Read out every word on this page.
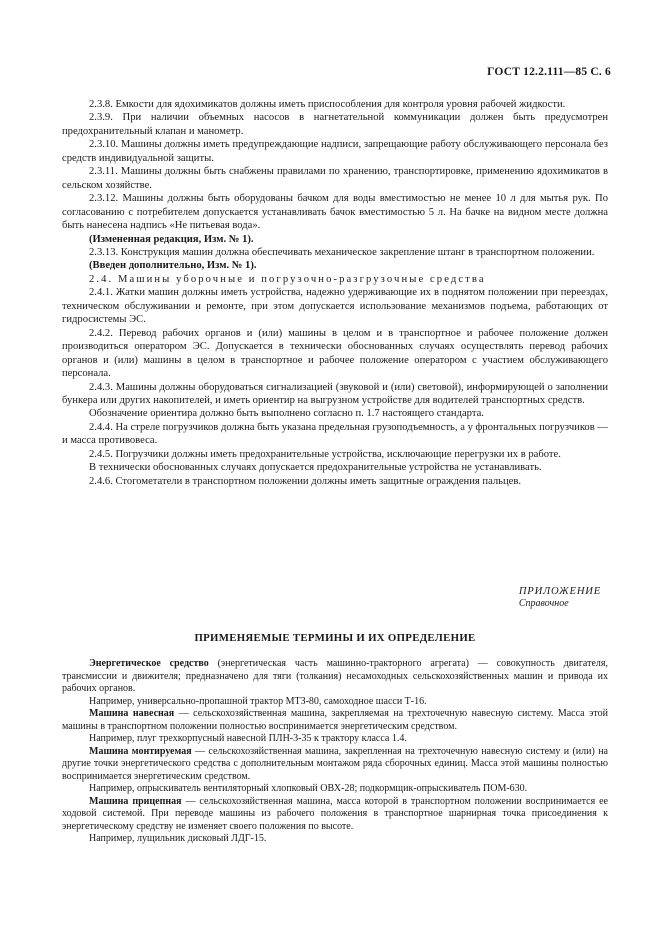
ГОСТ 12.2.111—85 С. 6

2.3.8. Емкости для ядохимикатов должны иметь приспособления для контроля уровня рабочей жидкости.

2.3.9. При наличии объемных насосов в нагнетательной коммуникации должен быть предусмотрен предохранительный клапан и манометр.

2.3.10. Машины должны иметь предупреждающие надписи, запрещающие работу обслуживающего персонала без средств индивидуальной защиты.

2.3.11. Машины должны быть снабжены правилами по хранению, транспортировке, применению ядохимикатов в сельском хозяйстве.

2.3.12. Машины должны быть оборудованы бачком для воды вместимостью не менее 10 л для мытья рук. По согласованию с потребителем допускается устанавливать бачок вместимостью 5 л. На бачке на видном месте должна быть нанесена надпись «Не питьевая вода».

(Измененная редакция, Изм. № 1).

2.3.13. Конструкция машин должна обеспечивать механическое закрепление штанг в транспортном положении.

(Введен дополнительно, Изм. № 1).

2.4. Машины уборочные и погрузочно-разгрузочные средства

2.4.1. Жатки машин должны иметь устройства, надежно удерживающие их в поднятом положении при переездах, техническом обслуживании и ремонте, при этом допускается использование механизмов подъема, работающих от гидросистемы ЭС.

2.4.2. Перевод рабочих органов и (или) машины в целом и в транспортное и рабочее положение должен производиться оператором ЭС. Допускается в технически обоснованных случаях осуществлять перевод рабочих органов и (или) машины в целом в транспортное и рабочее положение оператором с участием обслуживающего персонала.

2.4.3. Машины должны оборудоваться сигнализацией (звуковой и (или) световой), информирующей о заполнении бункера или других накопителей, и иметь ориентир на выгрузном устройстве для водителей транспортных средств.

Обозначение ориентира должно быть выполнено согласно п. 1.7 настоящего стандарта.

2.4.4. На стреле погрузчиков должна быть указана предельная грузоподъемность, а у фронтальных погрузчиков — и масса противовеса.

2.4.5. Погрузчики должны иметь предохранительные устройства, исключающие перегрузки их в работе.

В технически обоснованных случаях допускается предохранительные устройства не устанавливать.

2.4.6. Стогометатели в транспортном положении должны иметь защитные ограждения пальцев.

ПРИЛОЖЕНИЕ
Справочное
ПРИМЕНЯЕМЫЕ ТЕРМИНЫ И ИХ ОПРЕДЕЛЕНИЕ

Энергетическое средство (энергетическая часть машинно-тракторного агрегата) — совокупность двигателя, трансмиссии и движителя; предназначено для тяги (толкания) несамоходных сельскохозяйственных машин и привода их рабочих органов.

Например, универсально-пропашной трактор МТЗ-80, самоходное шасси Т-16.

Машина навесная — сельскохозяйственная машина, закрепляемая на трехточечную навесную систему. Масса этой машины в транспортном положении полностью воспринимается энергетическим средством.

Например, плуг трехкорпусный навесной ПЛН-3-35 к трактору класса 1.4.

Машина монтируемая — сельскохозяйственная машина, закрепленная на трехточечную навесную систему и (или) на другие точки энергетического средства с дополнительным монтажом ряда сборочных единиц. Масса этой машины полностью воспринимается энергетическим средством.

Например, опрыскиватель вентиляторный хлопковый ОВХ-28; подкормщик-опрыскиватель ПОМ-630.

Машина прицепная — сельскохозяйственная машина, масса которой в транспортном положении воспринимается ее ходовой системой. При переводе машины из рабочего положения в транспортное шарнирная точка присоединения к энергетическому средству не изменяет своего положения по высоте.

Например, лущильник дисковый ЛДГ-15.
